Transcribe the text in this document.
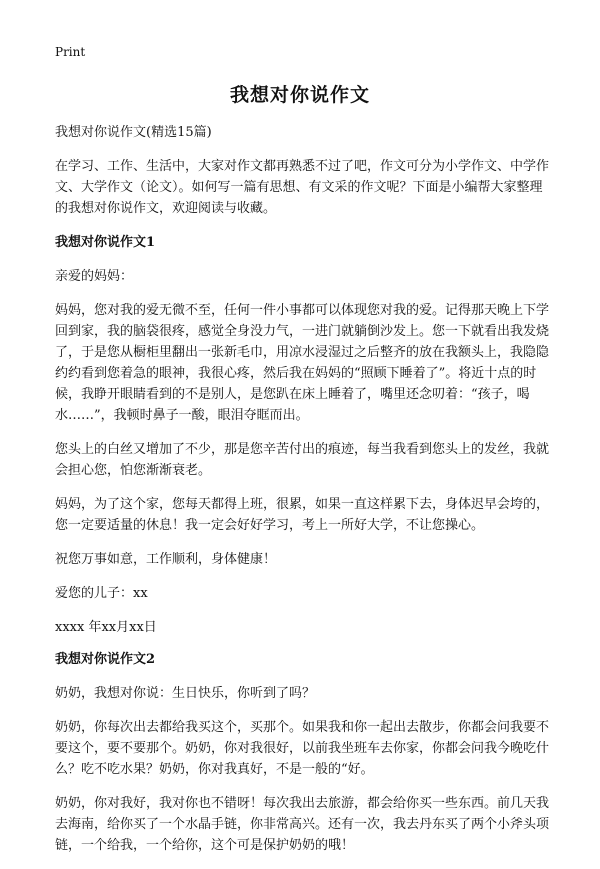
Print
我想对你说作文

我想对你说作文(精选15篇)

在学习、工作、生活中，大家对作文都再熟悉不过了吧，作文可分为小学作文、中学作文、大学作文（论文）。如何写一篇有思想、有文采的作文呢？下面是小编帮大家整理的我想对你说作文，欢迎阅读与收藏。

我想对你说作文1

亲爱的妈妈：

妈妈，您对我的爱无微不至，任何一件小事都可以体现您对我的爱。记得那天晚上下学回到家，我的脑袋很疼，感觉全身没力气，一进门就躺倒沙发上。您一下就看出我发烧了，于是您从橱柜里翻出一张新毛巾，用凉水浸湿过之后整齐的放在我额头上，我隐隐约约看到您着急的眼神，我很心疼，然后我在妈妈的“照顾下睡着了”。将近十点的时候，我睁开眼睛看到的不是别人，是您趴在床上睡着了，嘴里还念叨着：“孩子，喝水……”，我顿时鼻子一酸，眼泪夺眶而出。

您头上的白丝又增加了不少，那是您辛苦付出的痕迹，每当我看到您头上的发丝，我就会担心您，怕您渐渐衰老。

妈妈，为了这个家，您每天都得上班，很累，如果一直这样累下去，身体迟早会垮的，您一定要适量的休息！我一定会好好学习，考上一所好大学，不让您操心。

祝您万事如意，工作顺利，身体健康！

爱您的儿子：xx

xxxx 年xx月xx日

我想对你说作文2

奶奶，我想对你说：生日快乐，你听到了吗？

奶奶，你每次出去都给我买这个，买那个。如果我和你一起出去散步，你都会问我要不要这个，要不要那个。奶奶，你对我很好，以前我坐班车去你家，你都会问我今晚吃什么？吃不吃水果？奶奶，你对我真好，不是一般的“好。

奶奶，你对我好，我对你也不错呀！每次我出去旅游，都会给你买一些东西。前几天我去海南，给你买了一个水晶手链，你非常高兴。还有一次，我去丹东买了两个小斧头项链，一个给我，一个给你，这个可是保护奶奶的哦！
